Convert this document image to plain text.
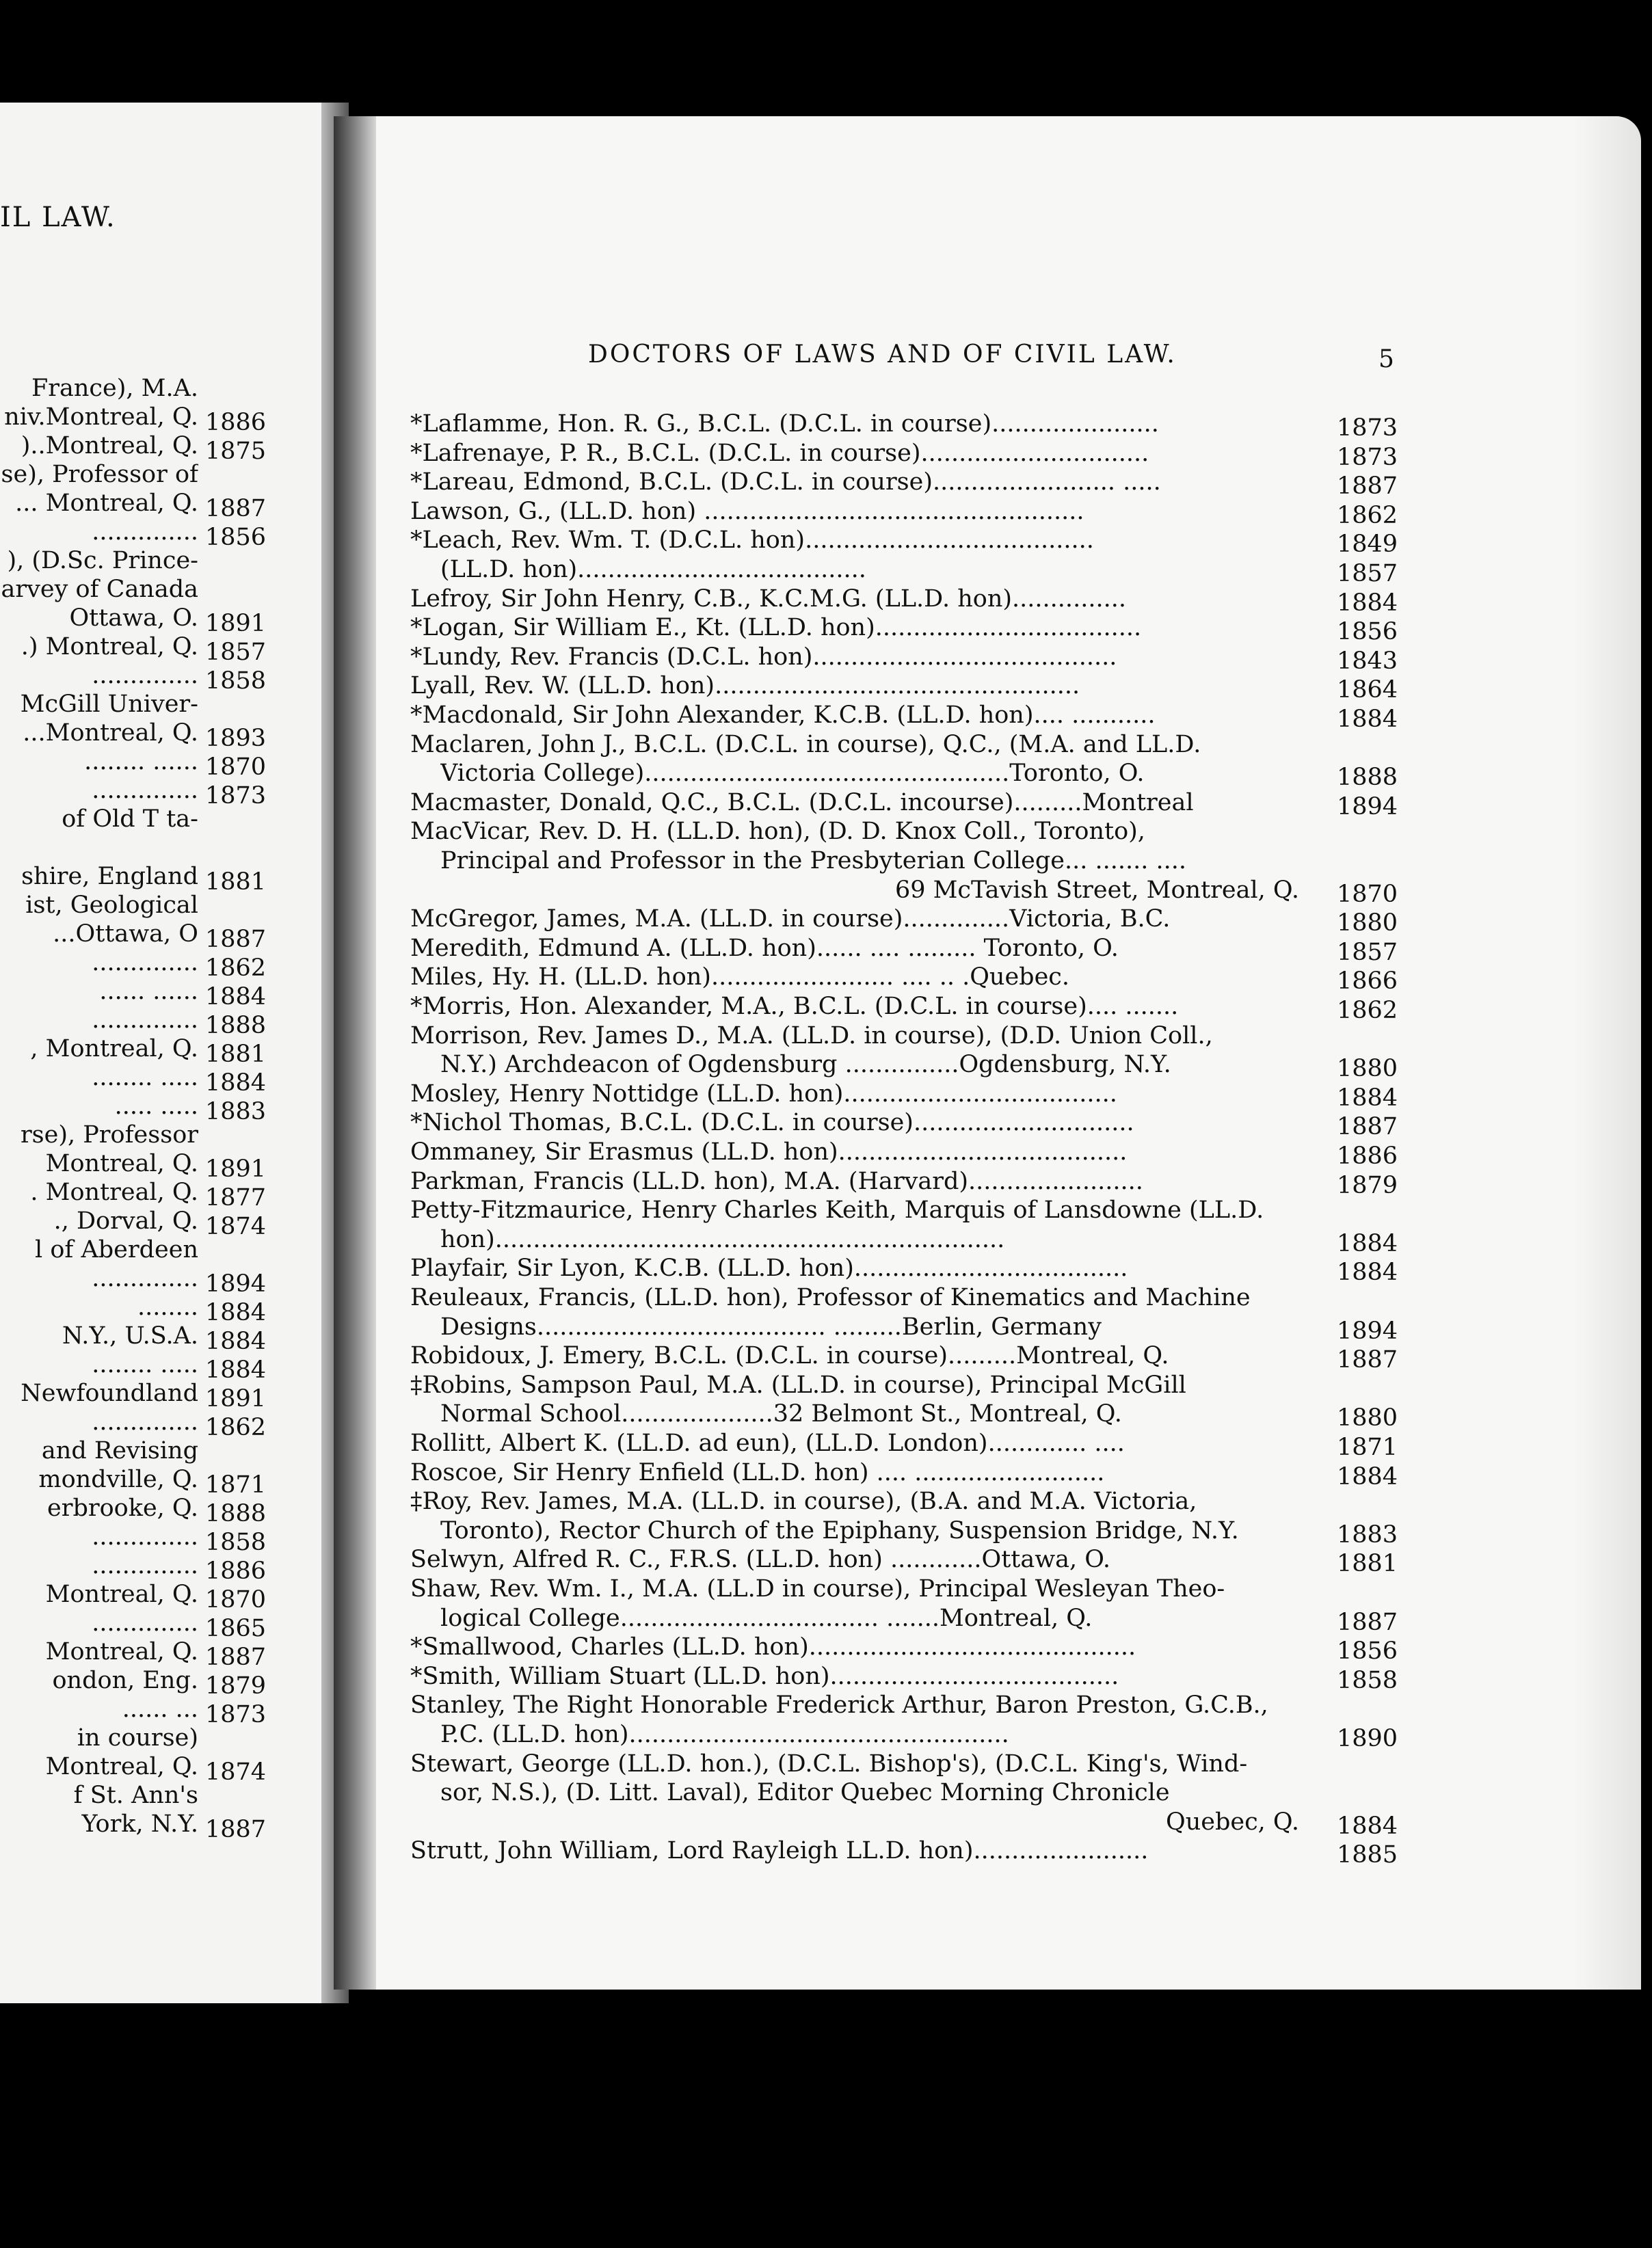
IL LAW.
France), M.A.
niv.Montreal, Q. 1886
)..Montreal, Q. 1875
se), Professor of
... Montreal, Q. 1887
.............. 1856
), (D.Sc. Prince-
arvey of Canada
Ottawa, O. 1891
.) Montreal, Q. 1857
.............. 1858
McGill Univer-
...Montreal, Q. 1893
........ ...... 1870
.............. 1873
of Old T ta-
shire, England 1881
ist, Geological
...Ottawa, O 1887
.............. 1862
...... ...... 1884
.............. 1888
, Montreal, Q. 1881
........ ..... 1884
..... ..... 1883
rse), Professor
Montreal, Q. 1891
. Montreal, Q. 1877
., Dorval, Q. 1874
l of Aberdeen
.............. 1894
........ 1884
N.Y., U.S.A. 1884
........ ..... 1884
Newfoundland 1891
.............. 1862
and Revising
mondville, Q. 1871
erbrooke, Q. 1888
.............. 1858
.............. 1886
Montreal, Q. 1870
.............. 1865
Montreal, Q. 1887
ondon, Eng. 1879
...... ... 1873
in course)
Montreal, Q. 1874
f St. Ann's
York, N.Y. 1887
DOCTORS OF LAWS AND OF CIVIL LAW.	5
*Laflamme, Hon. R. G., B.C.L. (D.C.L. in course)......................	1873
*Lafrenaye, P. R., B.C.L. (D.C.L. in course)..............................	1873
*Lareau, Edmond, B.C.L. (D.C.L. in course)........................ .....	1887
Lawson, G., (LL.D. hon) ..................................................	1862
*Leach, Rev. Wm. T. (D.C.L. hon)......................................	1849
(LL.D. hon)......................................	1857
Lefroy, Sir John Henry, C.B., K.C.M.G. (LL.D. hon)...............	1884
*Logan, Sir William E., Kt. (LL.D. hon)...................................	1856
*Lundy, Rev. Francis (D.C.L. hon)........................................	1843
Lyall, Rev. W. (LL.D. hon)................................................	1864
*Macdonald, Sir John Alexander, K.C.B. (LL.D. hon).... ...........	1884
Maclaren, John J., B.C.L. (D.C.L. in course), Q.C., (M.A. and LL.D.
Victoria College)................................................Toronto, O.	1888
Macmaster, Donald, Q.C., B.C.L. (D.C.L. incourse).........Montreal	1894
MacVicar, Rev. D. H. (LL.D. hon), (D. D. Knox Coll., Toronto),
Principal and Professor in the Presbyterian College... ....... ....
69 McTavish Street, Montreal, Q. 1870
McGregor, James, M.A. (LL.D. in course)..............Victoria, B.C.	1880
Meredith, Edmund A. (LL.D. hon)...... .... ......... Toronto, O.	1857
Miles, Hy. H. (LL.D. hon)........................ .... .. .Quebec.	1866
*Morris, Hon. Alexander, M.A., B.C.L. (D.C.L. in course).... .......	1862
Morrison, Rev. James D., M.A. (LL.D. in course), (D.D. Union Coll.,
N.Y.) Archdeacon of Ogdensburg ...............Ogdensburg, N.Y.	1880
Mosley, Henry Nottidge (LL.D. hon)....................................	1884
*Nichol Thomas, B.C.L. (D.C.L. in course).............................	1887
Ommaney, Sir Erasmus (LL.D. hon)......................................	1886
Parkman, Francis (LL.D. hon), M.A. (Harvard).......................	1879
Petty-Fitzmaurice, Henry Charles Keith, Marquis of Lansdowne (LL.D.
hon)...................................................................	1884
Playfair, Sir Lyon, K.C.B. (LL.D. hon)....................................	1884
Reuleaux, Francis, (LL.D. hon), Professor of Kinematics and Machine
Designs...................................... .........Berlin, Germany	1894
Robidoux, J. Emery, B.C.L. (D.C.L. in course).........Montreal, Q.	1887
‡Robins, Sampson Paul, M.A. (LL.D. in course), Principal McGill
Normal School....................32 Belmont St., Montreal, Q.	1880
Rollitt, Albert K. (LL.D. ad eun), (LL.D. London)............. ....	1871
Roscoe, Sir Henry Enfield (LL.D. hon) .... .........................	1884
‡Roy, Rev. James, M.A. (LL.D. in course), (B.A. and M.A. Victoria,
Toronto), Rector Church of the Epiphany, Suspension Bridge, N.Y.	1883
Selwyn, Alfred R. C., F.R.S. (LL.D. hon) ............Ottawa, O.	1881
Shaw, Rev. Wm. I., M.A. (LL.D in course), Principal Wesleyan Theo-
logical College.................................. .......Montreal, Q.	1887
*Smallwood, Charles (LL.D. hon)...........................................	1856
*Smith, William Stuart (LL.D. hon)......................................	1858
Stanley, The Right Honorable Frederick Arthur, Baron Preston, G.C.B.,
P.C. (LL.D. hon)..................................................	1890
Stewart, George (LL.D. hon.), (D.C.L. Bishop's), (D.C.L. King's, Wind-
sor, N.S.), (D. Litt. Laval), Editor Quebec Morning Chronicle
Quebec, Q. 1884
Strutt, John William, Lord Rayleigh LL.D. hon).......................	1885
